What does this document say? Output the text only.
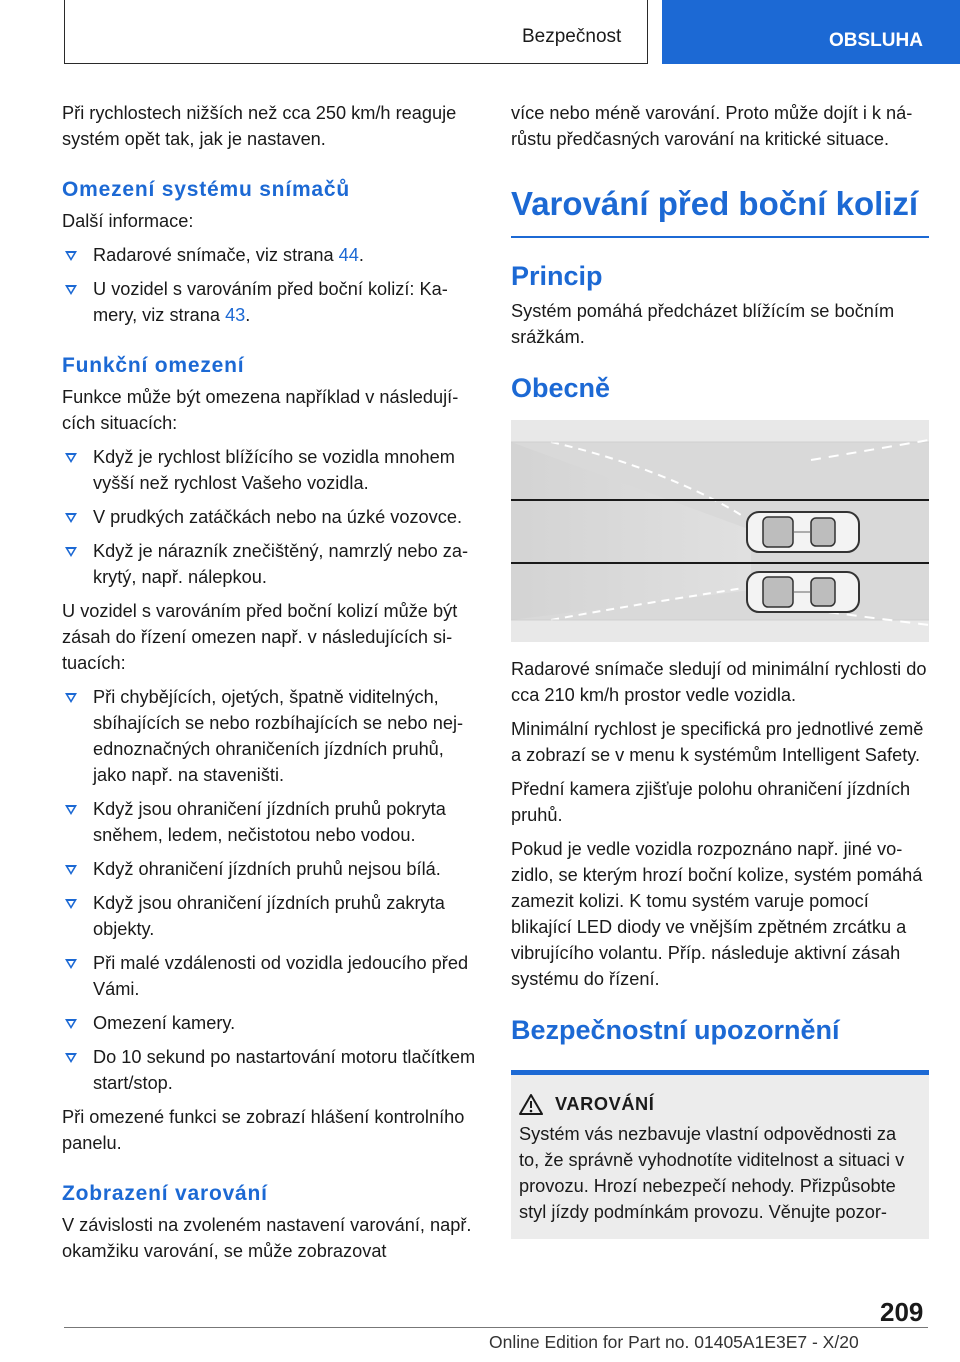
Bezpečnost	OBSLUHA

Při rychlostech nižších než cca 250 km/h reaguje systém opět tak, jak je nastaven.

Omezení systému snímačů

Další informace:

Radarové snímače, viz strana 44.
U vozidel s varováním před boční kolizí: Kamery, viz strana 43.
Funkční omezení

Funkce může být omezena například v následujících situacích:

Když je rychlost blížícího se vozidla mnohem vyšší než rychlost Vašeho vozidla.
V prudkých zatáčkách nebo na úzké vozovce.
Když je nárazník znečištěný, namrzlý nebo zakrytý, např. nálepkou.

U vozidel s varováním před boční kolizí může být zásah do řízení omezen např. v následujících situacích:

Při chybějících, ojetých, špatně viditelných, sbíhajících se nebo rozbíhajících se nebo nejednoznačných ohraničeních jízdních pruhů, jako např. na staveništi.
Když jsou ohraničení jízdních pruhů pokryta sněhem, ledem, nečistotou nebo vodou.
Když ohraničení jízdních pruhů nejsou bílá.
Když jsou ohraničení jízdních pruhů zakryta objekty.
Při malé vzdálenosti od vozidla jedoucího před Vámi.
Omezení kamery.
Do 10 sekund po nastartování motoru tlačítkem start/stop.

Při omezené funkci se zobrazí hlášení kontrolního panelu.

Zobrazení varování

V závislosti na zvoleném nastavení varování, např. okamžiku varování, se může zobrazovat

více nebo méně varování. Proto může dojít i k nárůstu předčasných varování na kritické situace.

Varování před boční kolizí
Princip

Systém pomáhá předcházet blížícím se bočním srážkám.

Obecně

Radarové snímače sledují od minimální rychlosti do cca 210 km/h prostor vedle vozidla.

Minimální rychlost je specifická pro jednotlivé země a zobrazí se v menu k systémům Intelligent Safety.

Přední kamera zjišťuje polohu ohraničení jízdních pruhů.

Pokud je vedle vozidla rozpoznáno např. jiné vozidlo, se kterým hrozí boční kolize, systém pomáhá zamezit kolizi. K tomu systém varuje pomocí blikající LED diody ve vnějším zpětném zrcátku a vibrujícího volantu. Příp. následuje aktivní zásah systému do řízení.

Bezpečnostní upozornění
VAROVÁNÍ

Systém vás nezbavuje vlastní odpovědnosti za to, že správně vyhodnotíte viditelnost a situaci v provozu. Hrozí nebezpečí nehody. Přizpůsobte styl jízdy podmínkám provozu. Věnujte pozor-

209
Online Edition for Part no. 01405A1E3E7 - X/20
